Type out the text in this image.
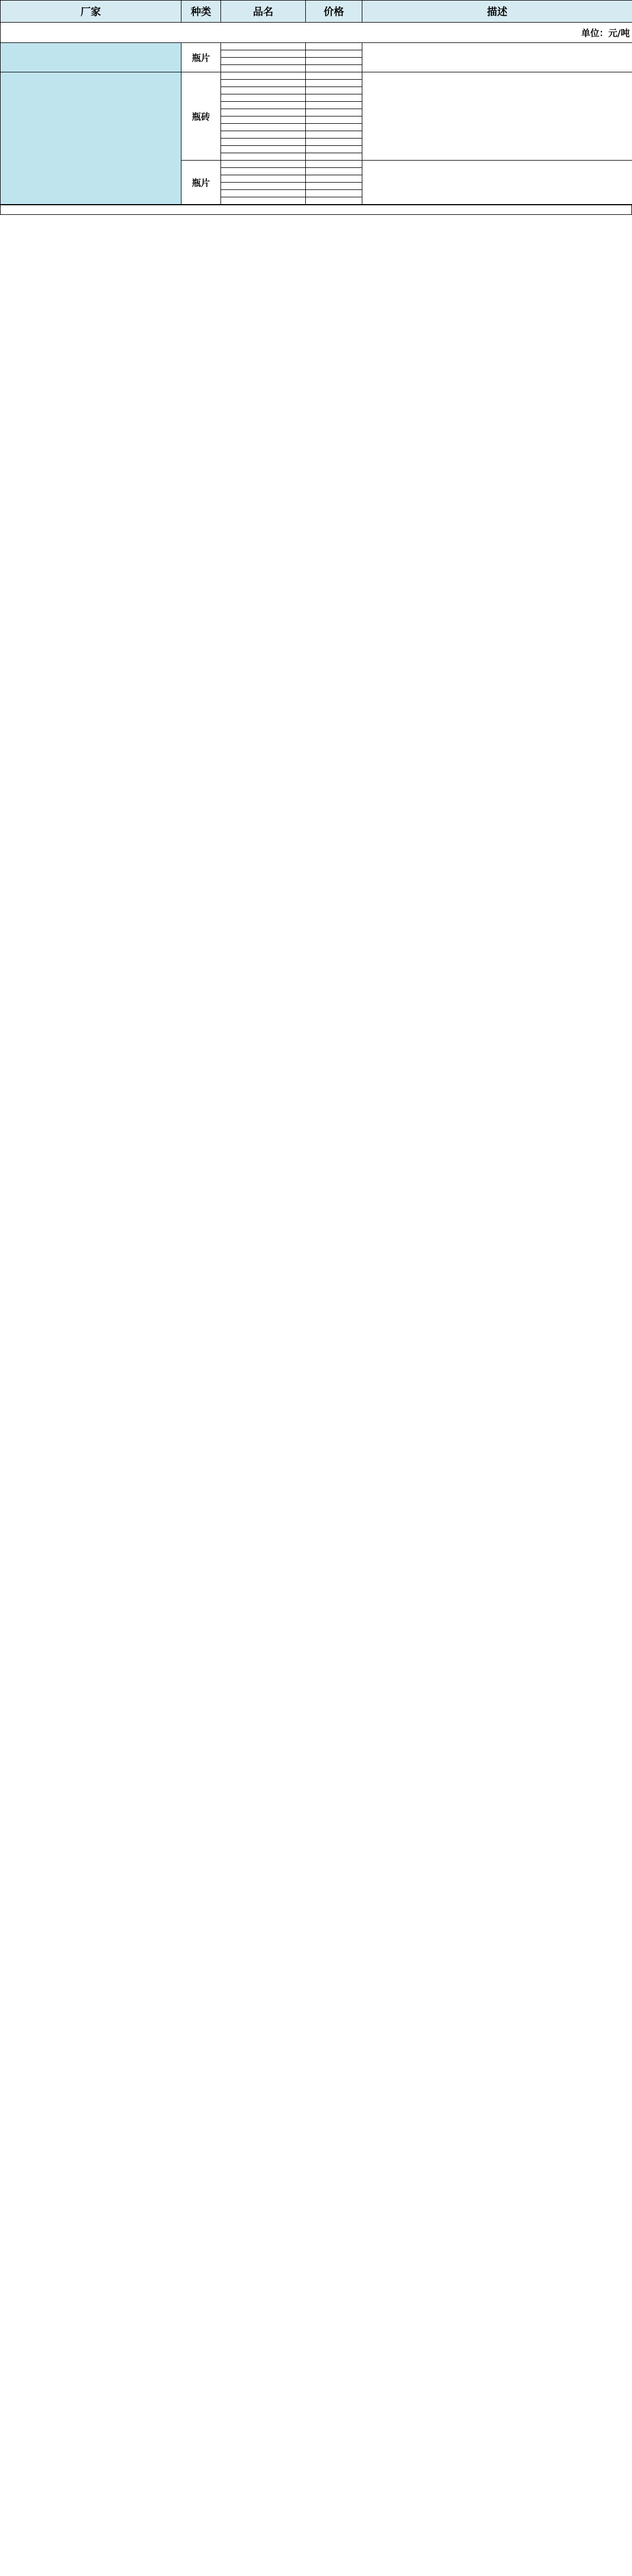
厂家	种类	品名	价格	描述
单位：元/吨				

	瓶片			

	瓶砖			

	瓶片			
